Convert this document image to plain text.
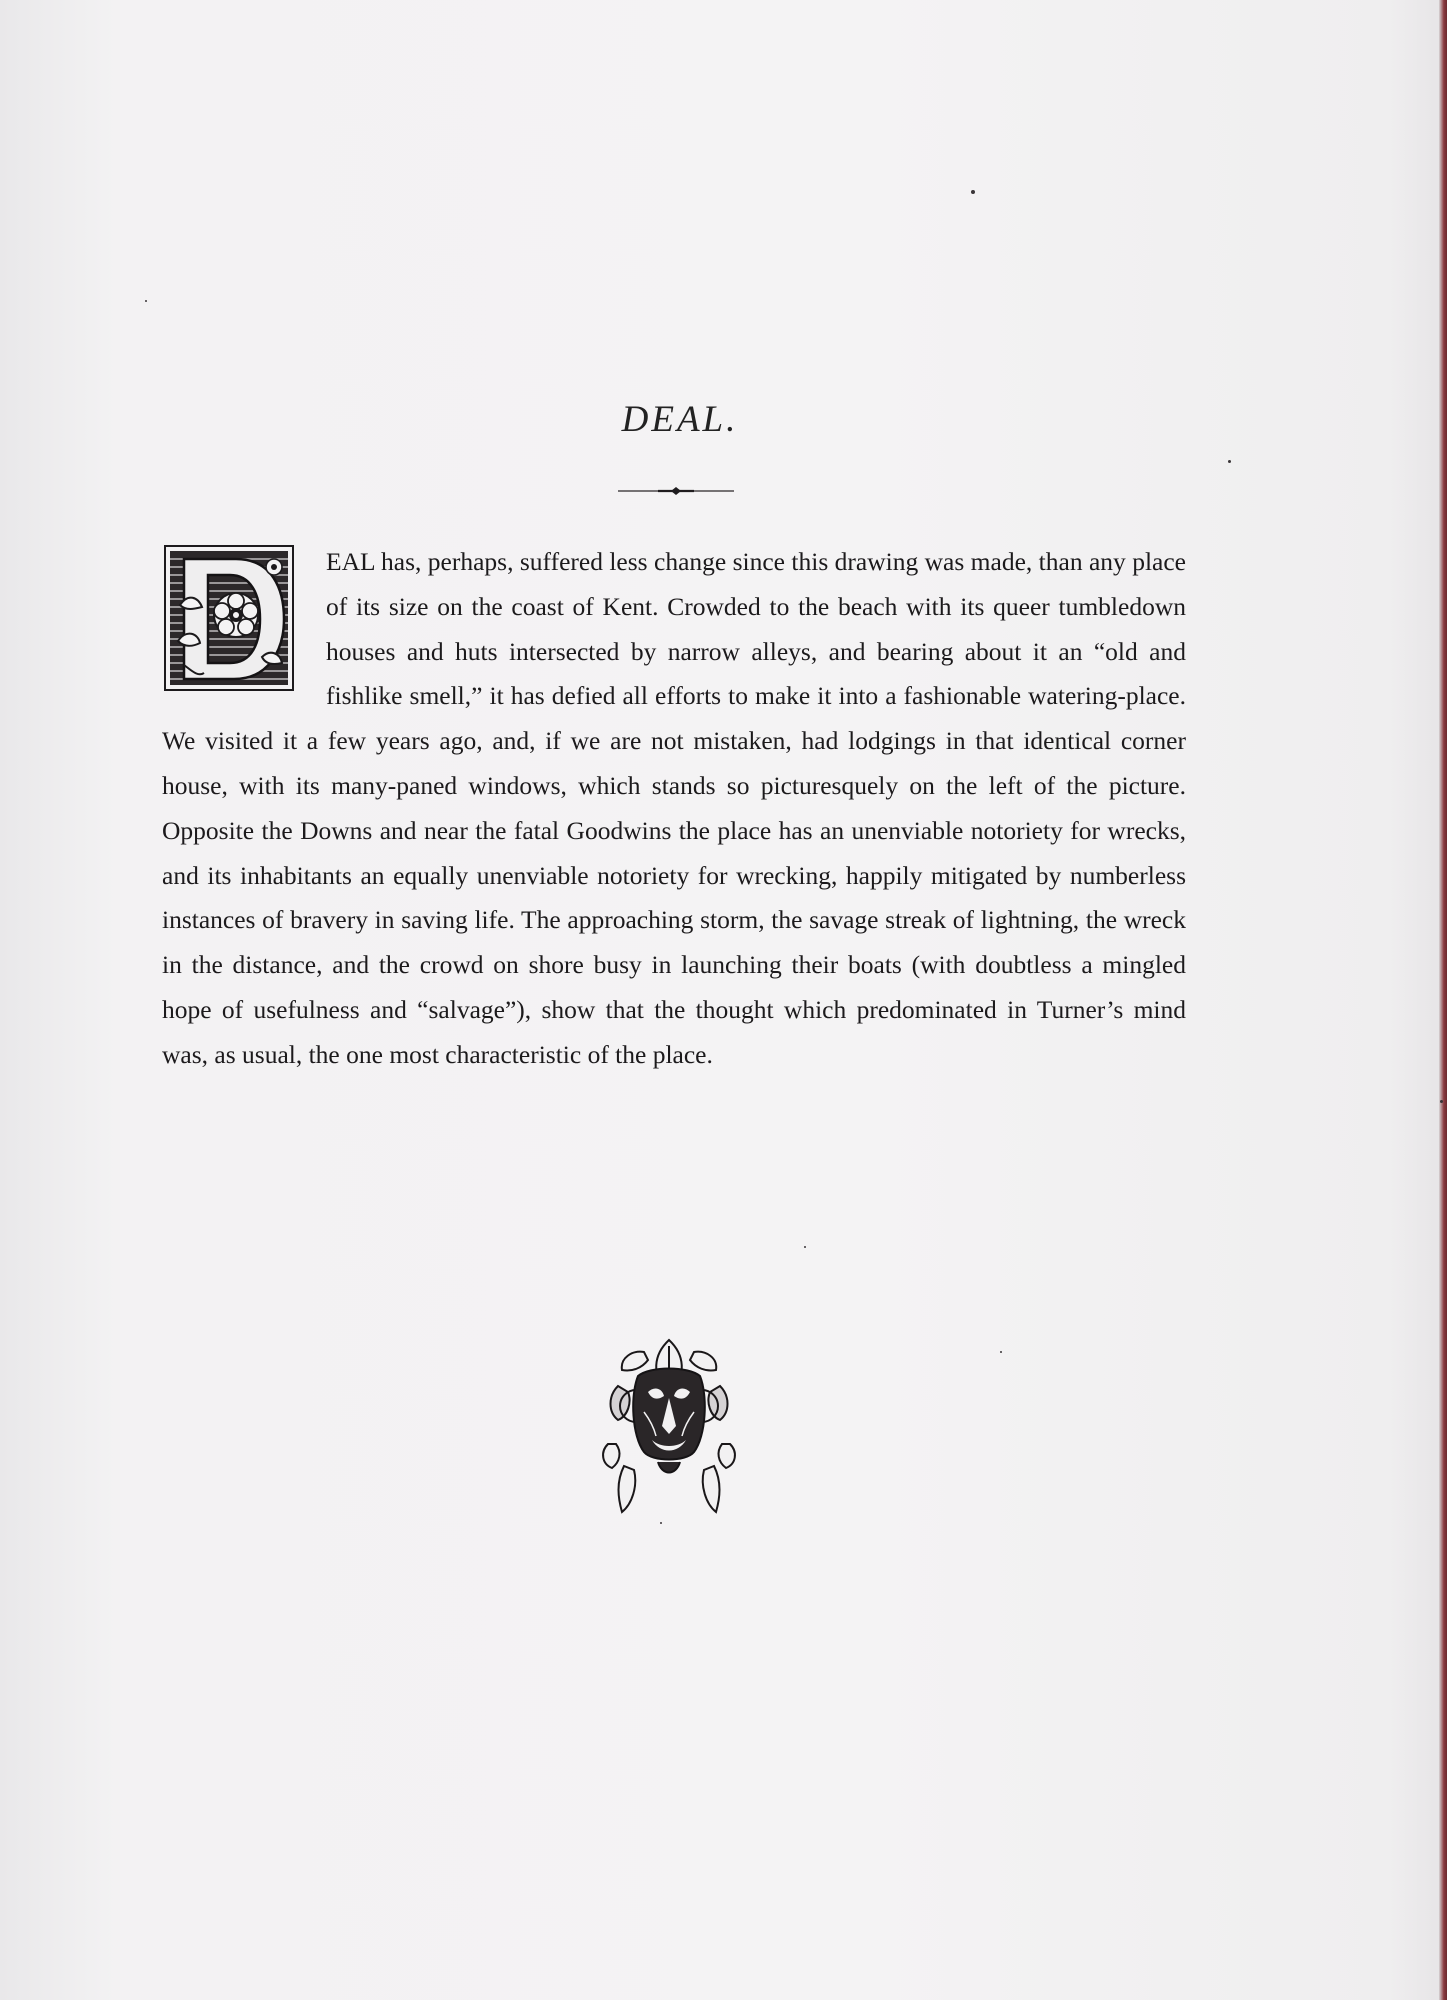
DEAL.

EAL has, perhaps, suffered less change since this drawing was made, than any place of its size on the coast of Kent. Crowded to the beach with its queer tumbledown houses and huts intersected by narrow alleys, and bearing about it an “old and fishlike smell,” it has defied all efforts to make it into a fashionable watering-place. We visited it a few years ago, and, if we are not mistaken, had lodgings in that identical corner house, with its many-paned windows, which stands so picturesquely on the left of the picture. Opposite the Downs and near the fatal Goodwins the place has an unenviable notoriety for wrecks, and its inhabitants an equally unenviable notoriety for wrecking, happily mitigated by numberless instances of bravery in saving life. The approaching storm, the savage streak of lightning, the wreck in the distance, and the crowd on shore busy in launching their boats (with doubtless a mingled hope of usefulness and “salvage”), show that the thought which predominated in Turner’s mind was, as usual, the one most characteristic of the place.
